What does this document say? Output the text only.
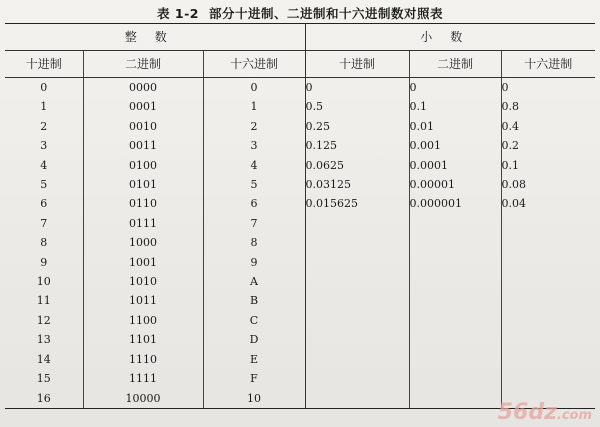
表 1-2 部分十进制、二进制和十六进制数对照表
整数			小数		
十进制	二进制	十六进制	十进制	二进制	十六进制
0	0000	0	0	0	0
1	0001	1	0.5	0.1	0.8
2	0010	2	0.25	0.01	0.4
3	0011	3	0.125	0.001	0.2
4	0100	4	0.0625	0.0001	0.1
5	0101	5	0.03125	0.00001	0.08
6	0110	6	0.015625	0.000001	0.04
7	0111	7			
8	1000	8			
9	1001	9			
10	1010	A			
11	1011	B			
12	1100	C			
13	1101	D			
14	1110	E			
15	1111	F			
16	10000	10			
56dz.com
